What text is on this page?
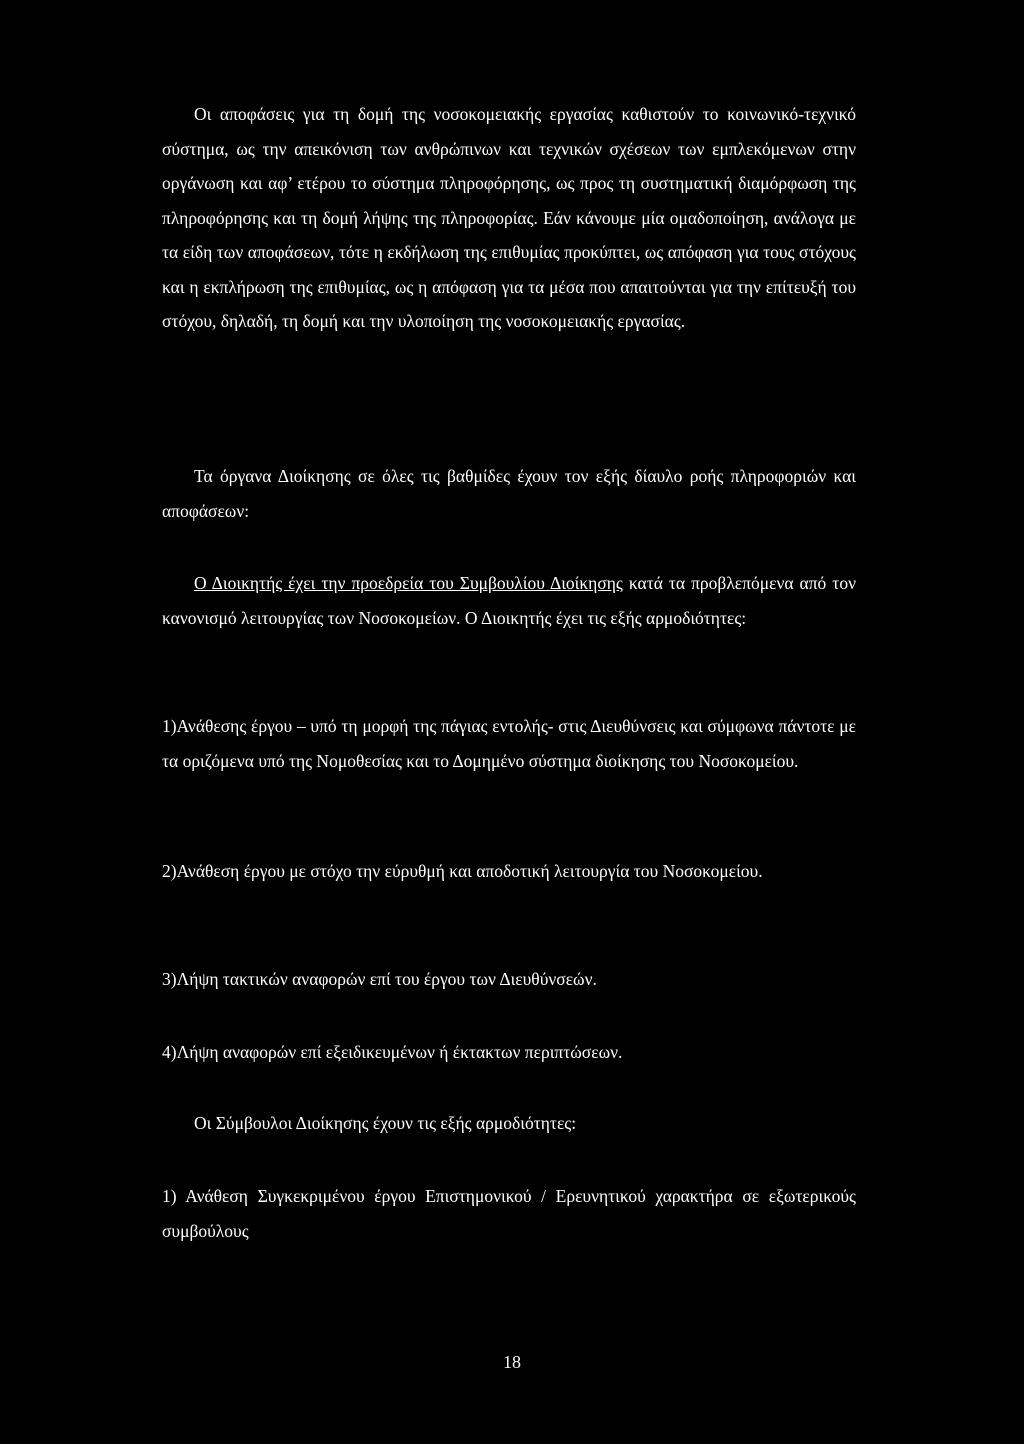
Οι αποφάσεις για τη δομή της νοσοκομειακής εργασίας καθιστούν το κοινωνικό-τεχνικό σύστημα, ως την απεικόνιση των ανθρώπινων και τεχνικών σχέσεων των εμπλεκόμενων στην οργάνωση και αφ’ ετέρου το σύστημα πληροφόρησης, ως προς τη συστηματική διαμόρφωση της πληροφόρησης και τη δομή λήψης της πληροφορίας. Εάν κάνουμε μία ομαδοποίηση, ανάλογα με τα είδη των αποφάσεων, τότε η εκδήλωση της επιθυμίας προκύπτει, ως απόφαση για τους στόχους και η εκπλήρωση της επιθυμίας, ως η απόφαση για τα μέσα που απαιτούνται για την επίτευξή του στόχου, δηλαδή, τη δομή και την υλοποίηση της νοσοκομειακής εργασίας.

Τα όργανα Διοίκησης σε όλες τις βαθμίδες έχουν τον εξής δίαυλο ροής πληροφοριών και αποφάσεων:

Ο Διοικητής έχει την προεδρεία του Συμβουλίου Διοίκησης κατά τα προβλεπόμενα από τον κανονισμό λειτουργίας των Νοσοκομείων. Ο Διοικητής έχει τις εξής αρμοδιότητες:

1)Ανάθεσης έργου – υπό τη μορφή της πάγιας εντολής- στις Διευθύνσεις και σύμφωνα πάντοτε με τα οριζόμενα υπό της Νομοθεσίας και το Δομημένο σύστημα διοίκησης του Νοσοκομείου.

2)Ανάθεση έργου με στόχο την εύρυθμή και αποδοτική λειτουργία του Νοσοκομείου.

3)Λήψη τακτικών αναφορών επί του έργου των Διευθύνσεών.

4)Λήψη αναφορών επί εξειδικευμένων ή έκτακτων περιπτώσεων.

Οι Σύμβουλοι Διοίκησης έχουν τις εξής αρμοδιότητες:

1) Ανάθεση Συγκεκριμένου έργου Επιστημονικού / Ερευνητικού χαρακτήρα σε εξωτερικούς συμβούλους

18
